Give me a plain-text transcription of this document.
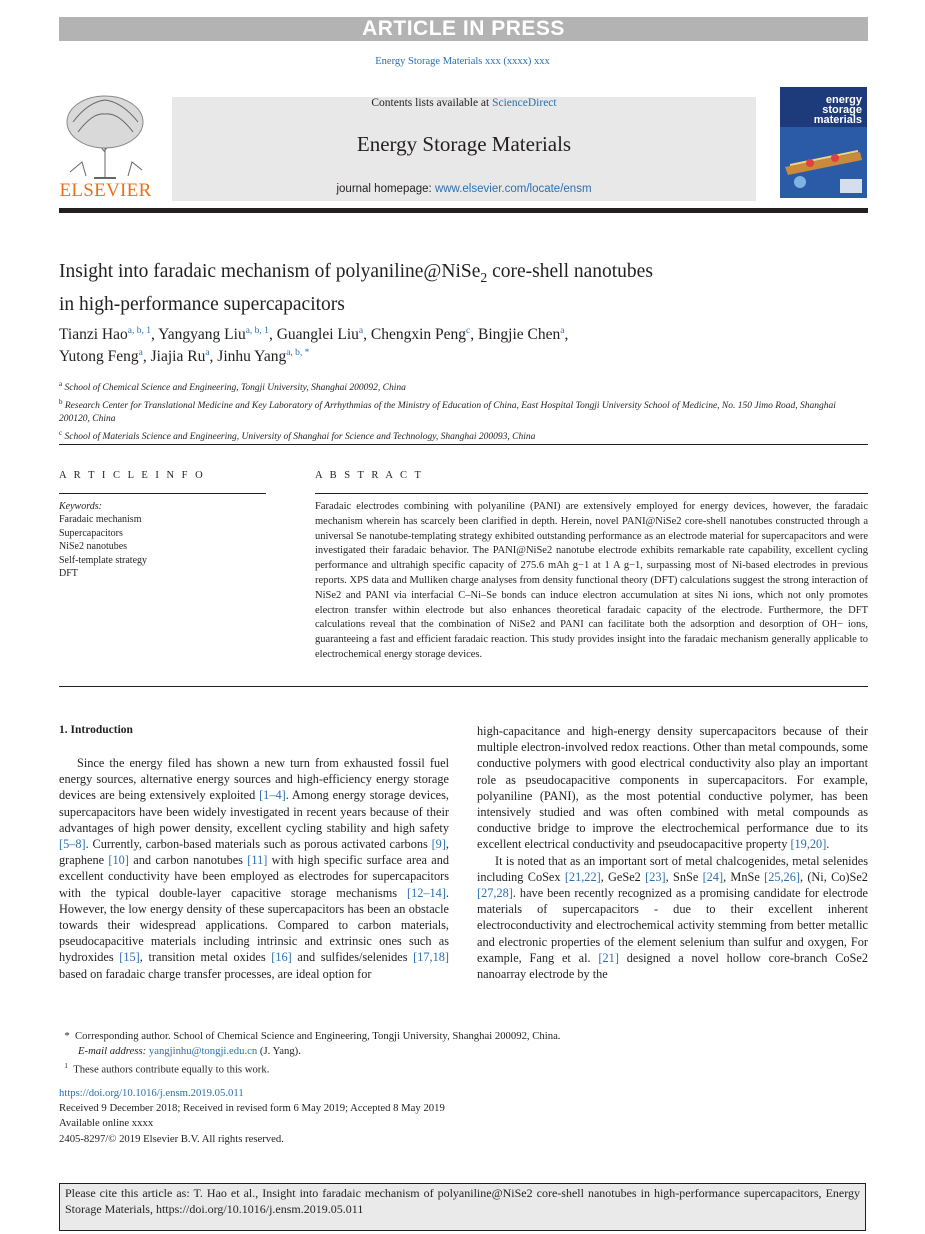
ARTICLE IN PRESS
Energy Storage Materials xxx (xxxx) xxx
ELSEVIER
Contents lists available at ScienceDirect
Energy Storage Materials
journal homepage: www.elsevier.com/locate/ensm
energy
storage
materials
Insight into faradaic mechanism of polyaniline@NiSe$_2$ core-shell nanotubes
in high-performance supercapacitors
Tianzi Hao$^{a, b, 1}$, Yangyang Liu$^{a, b, 1}$, Guanglei Liu$^a$, Chengxin Peng$^c$, Bingjie Chen$^a$,
Yutong Feng$^a$, Jiajia Ru$^a$, Jinhu Yang$^{a, b, *}$

$^a$ School of Chemical Science and Engineering, Tongji University, Shanghai 200092, China

$^b$ Research Center for Translational Medicine and Key Laboratory of Arrhythmias of the Ministry of Education of China, East Hospital Tongji University School of Medicine, No. 150 Jimo Road, Shanghai 200120, China

$^c$ School of Materials Science and Engineering, University of Shanghai for Science and Technology, Shanghai 200093, China

A R T I C L E I N F O	A B S T R A C T
Keywords:
Faradaic mechanism
Supercapacitors
NiSe2 nanotubes
Self-template strategy
DFT
Faradaic electrodes combining with polyaniline (PANI) are extensively employed for energy devices, however, the faradaic mechanism wherein has scarcely been clarified in depth. Herein, novel PANI@NiSe2 core-shell nanotubes constructed through a universal Se nanotube-templating strategy exhibited outstanding performance as an electrode material for supercapacitors and were investigated their faradaic behavior. The PANI@NiSe2 nanotube electrode exhibits remarkable rate capability, excellent cycling performance and ultrahigh specific capacity of 275.6 mAh g−1 at 1 A g−1, surpassing most of Ni-based electrodes in previous reports. XPS data and Mulliken charge analyses from density functional theory (DFT) calculations suggest the strong interaction of NiSe2 and PANI via interfacial C–Ni–Se bonds can induce electron accumulation at sites Ni ions, which not only promotes electron transfer within electrode but also enhances theoretical faradaic capacity of the electrode. Furthermore, the DFT calculations reveal that the combination of NiSe2 and PANI can facilitate both the adsorption and desorption of OH− ions, guaranteeing a fast and efficient faradaic reaction. This study provides insight into the faradaic mechanism generally applicable to electrochemical energy storage devices.
1. Introduction

Since the energy filed has shown a new turn from exhausted fossil fuel energy sources, alternative energy sources and high-efficiency energy storage devices are being extensively exploited [1–4]. Among energy storage devices, supercapacitors have been widely investigated in recent years because of their advantages of high power density, excellent cycling stability and high safety [5–8]. Currently, carbon-based materials such as porous activated carbons [9], graphene [10] and carbon nanotubes [11] with high specific surface area and excellent conductivity have been employed as electrodes for supercapacitors with the typical double-layer capacitive storage mechanisms [12–14]. However, the low energy density of these supercapacitors has been an obstacle towards their widespread applications. Compared to carbon materials, pseudocapacitive materials including intrinsic and extrinsic ones such as hydroxides [15], transition metal oxides [16] and sulfides/selenides [17,18] based on faradaic charge transfer processes, are ideal option for

high-capacitance and high-energy density supercapacitors because of their multiple electron-involved redox reactions. Other than metal compounds, some conductive polymers with good electrical conductivity also play an important role as pseudocapacitive components in supercapacitors. For example, polyaniline (PANI), as the most potential conductive polymer, has been intensively studied and was often combined with metal compounds as conductive bridge to improve the electrochemical performance due to its excellent electrical conductivity and pseudocapacitive property [19,20].

It is noted that as an important sort of metal chalcogenides, metal selenides including CoSex [21,22], GeSe2 [23], SnSe [24], MnSe [25,26], (Ni, Co)Se2 [27,28]. have been recently recognized as a promising candidate for electrode materials of supercapacitors - due to their excellent inherent electroconductivity and electrochemical activity stemming from better metallic and electronic properties of the element selenium than sulfur and oxygen, For example, Fang et al. [21] designed a novel hollow core-branch CoSe2 nanoarray electrode by the

*  Corresponding author. School of Chemical Science and Engineering, Tongji University, Shanghai 200092, China.

E-mail address: yangjinhu@tongji.edu.cn (J. Yang).

$^1$ These authors contribute equally to this work.

https://doi.org/10.1016/j.ensm.2019.05.011
Received 9 December 2018; Received in revised form 6 May 2019; Accepted 8 May 2019
Available online xxxx
2405-8297/© 2019 Elsevier B.V. All rights reserved.
Please cite this article as: T. Hao et al., Insight into faradaic mechanism of polyaniline@NiSe2 core-shell nanotubes in high-performance supercapacitors, Energy Storage Materials, https://doi.org/10.1016/j.ensm.2019.05.011
